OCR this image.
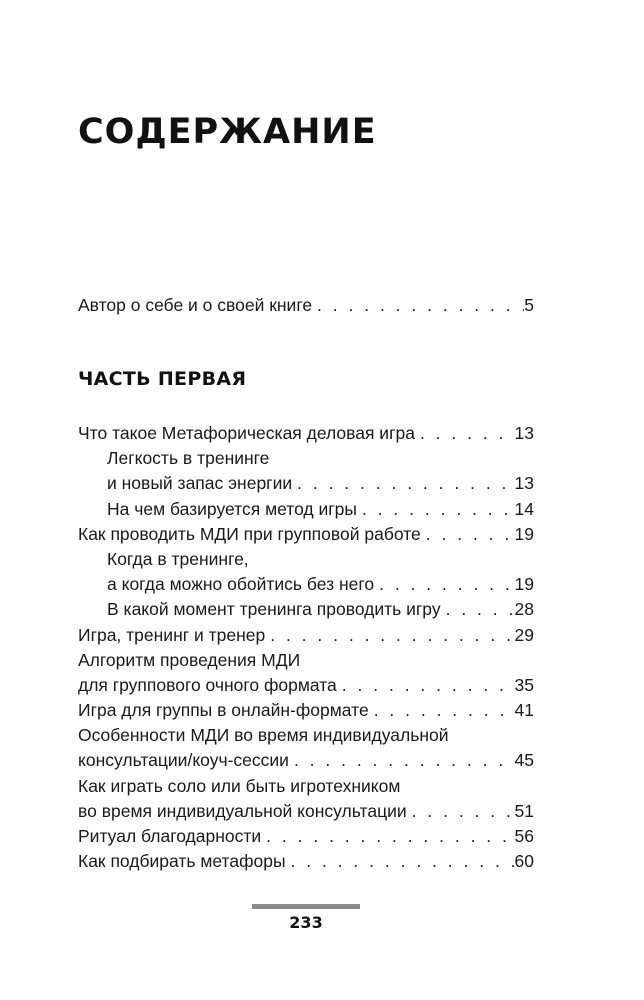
СОДЕРЖАНИЕ
Автор о себе и о своей книге . . .	5
ЧАСТЬ ПЕРВАЯ
Что такое Метафорическая деловая игра . . .	13
Легкость в тренинге
и новый запас энергии . . .	13
На чем базируется метод игры . . .	14
Как проводить МДИ при групповой работе . . .	19
Когда в тренинге,
а когда можно обойтись без него . . .	19
В какой момент тренинга проводить игру . . .	28
Игра, тренинг и тренер . . .	29
Алгоритм проведения МДИ
для группового очного формата . . .	35
Игра для группы в онлайн-формате . . .	41
Особенности МДИ во время индивидуальной
консультации/коуч-сессии . . .	45
Как играть соло или быть игротехником
во время индивидуальной консультации . . .	51
Ритуал благодарности . . .	56
Как подбирать метафоры . . .	60
233
